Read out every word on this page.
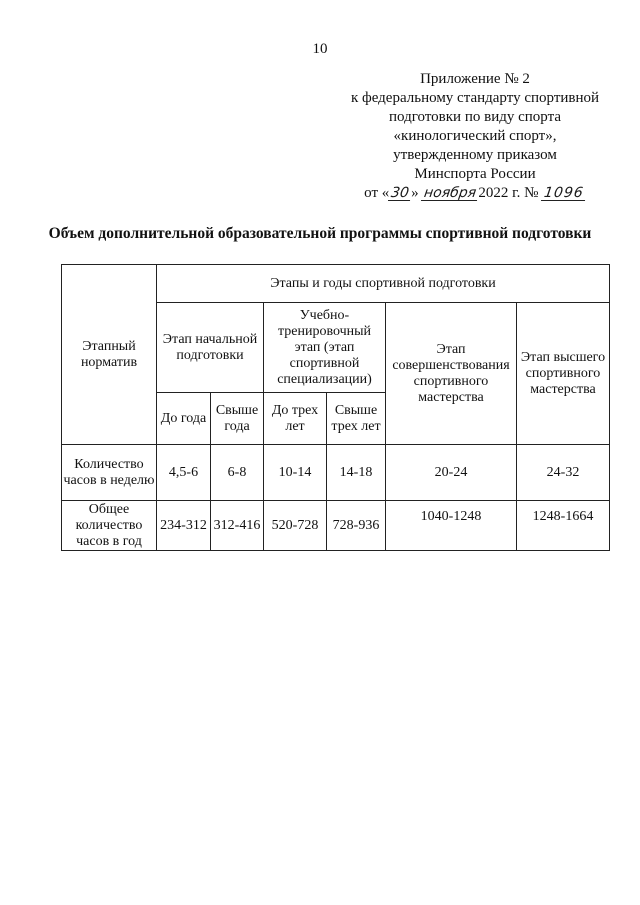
10
Приложение № 2
к федеральному стандарту спортивной
подготовки по виду спорта
«кинологический спорт»,
утвержденному приказом
Минспорта России
от «30» ноября2022 г. № 1096
Объем дополнительной образовательной программы спортивной подготовки
Этапный норматив	Этапы и годы спортивной подготовки					
	Этап начальной подготовки		Учебно-тренировочный этап (этап спортивной специализации)		Этап совершенствования спортивного мастерства	Этап высшего спортивного мастерства
	До года	Свыше года	До трех лет	Свыше трех лет		
Количество часов в неделю	4,5-6	6-8	10-14	14-18	20-24	24-32
Общее количество часов в год	234-312	312-416	520-728	728-936	1040-1248	1248-1664
